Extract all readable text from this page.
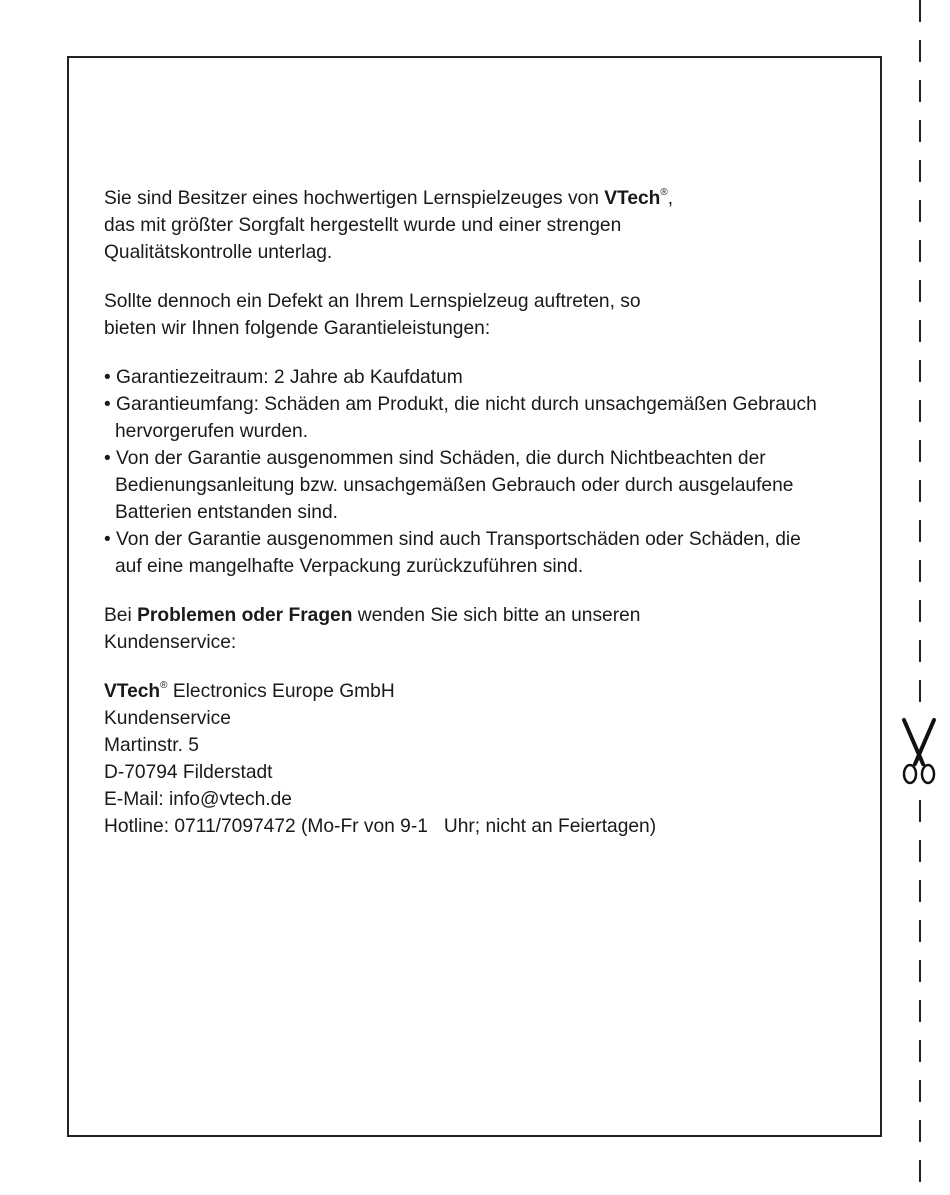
Sie sind Besitzer eines hochwertigen Lernspielzeuges von VTech®,

das mit größter Sorgfalt hergestellt wurde und einer strengen

Qualitätskontrolle unterlag.

Sollte dennoch ein Defekt an Ihrem Lernspielzeug auftreten, so

bieten wir Ihnen folgende Garantieleistungen:

• Garantiezeitraum: 2 Jahre ab Kaufdatum

• Garantieumfang: Schäden am Produkt, die nicht durch unsachgemäßen Gebrauch hervorgerufen wurden.

• Von der Garantie ausgenommen sind Schäden, die durch Nichtbeachten der Bedienungsanleitung bzw. unsachgemäßen Gebrauch oder durch ausgelaufene Batterien entstanden sind.

• Von der Garantie ausgenommen sind auch Transportschäden oder Schäden, die auf eine mangelhafte Verpackung zurückzuführen sind.

Bei Problemen oder Fragen wenden Sie sich bitte an unseren

Kundenservice:

VTech® Electronics Europe GmbH

Kundenservice

Martinstr. 5

D-70794 Filderstadt

E-Mail: info@vtech.de

Hotline: 0711/7097472 (Mo-Fr von 9-1   Uhr; nicht an Feiertagen)
